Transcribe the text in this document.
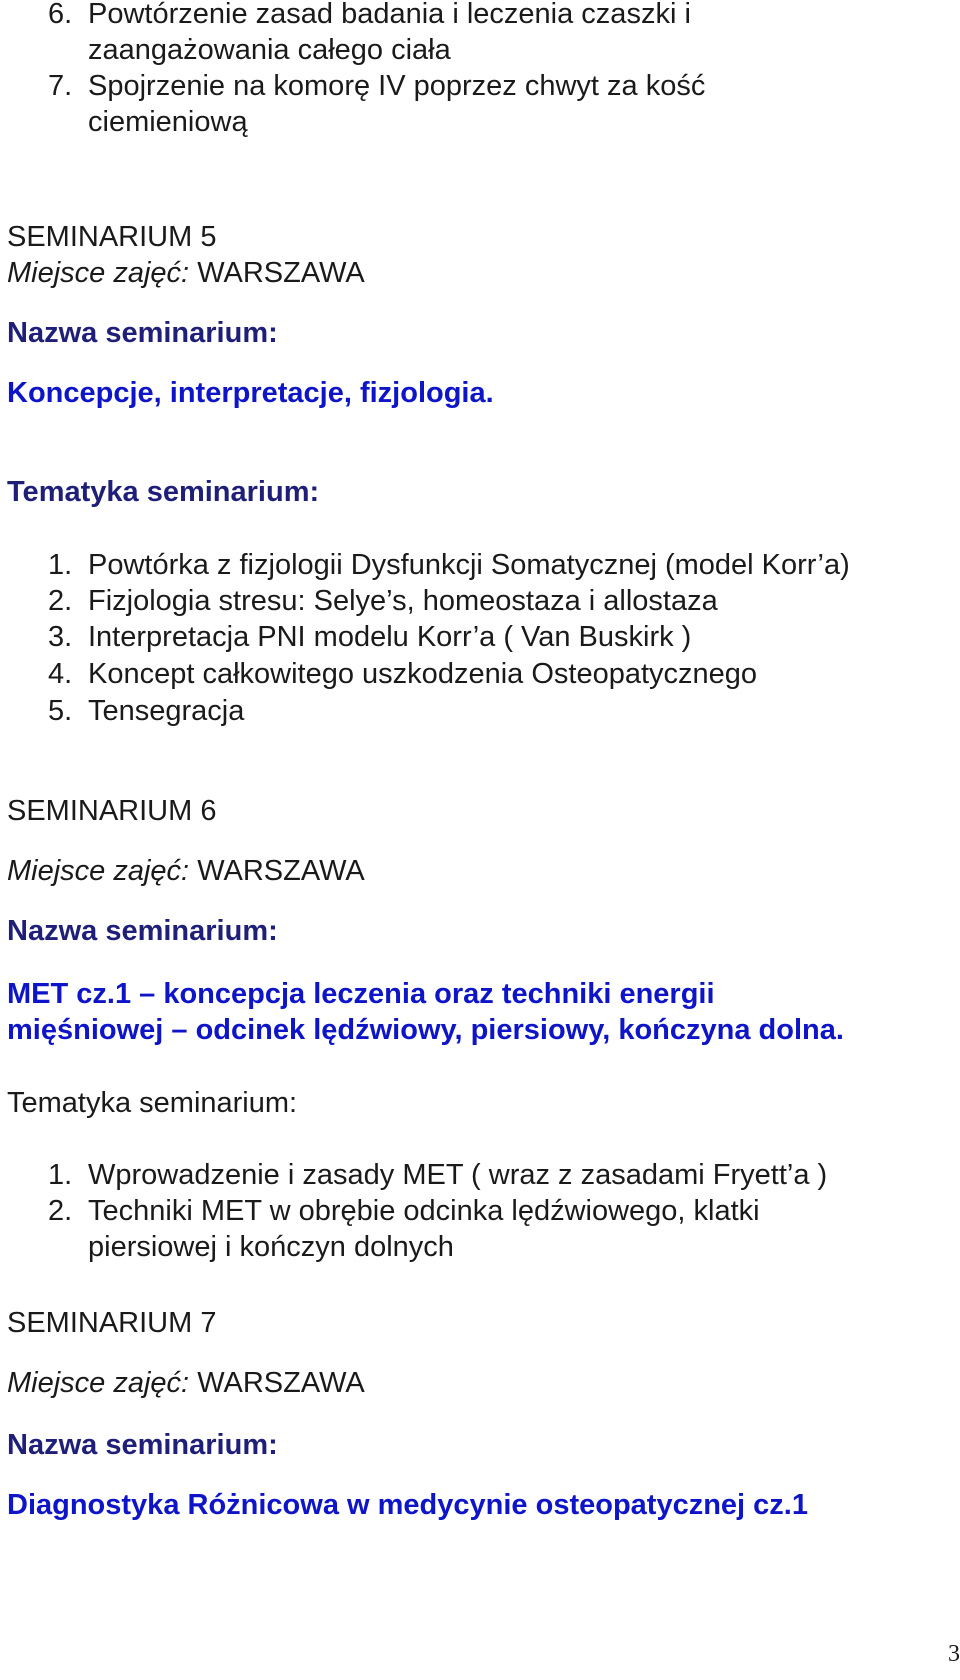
6. Powtórzenie zasad badania i leczenia czaszki i
zaangażowania całego ciała
7. Spojrzenie na komorę IV poprzez chwyt za kość
ciemieniową
SEMINARIUM 5
Miejsce zajęć: WARSZAWA
Nazwa seminarium:
Koncepcje, interpretacje, fizjologia.
Tematyka seminarium:
1. Powtórka z fizjologii Dysfunkcji Somatycznej (model Korr’a)
2. Fizjologia stresu: Selye’s, homeostaza i allostaza
3. Interpretacja PNI modelu Korr’a ( Van Buskirk )
4. Koncept całkowitego uszkodzenia Osteopatycznego
5. Tensegracja
SEMINARIUM 6
Miejsce zajęć: WARSZAWA
Nazwa seminarium:
MET cz.1 – koncepcja leczenia oraz techniki energii
mięśniowej – odcinek lędźwiowy, piersiowy, kończyna dolna.
Tematyka seminarium:
1. Wprowadzenie i zasady MET ( wraz z zasadami Fryett’a )
2. Techniki MET w obrębie odcinka lędźwiowego, klatki
piersiowej i kończyn dolnych
SEMINARIUM 7
Miejsce zajęć: WARSZAWA
Nazwa seminarium:
Diagnostyka Różnicowa w medycynie osteopatycznej cz.1
3
